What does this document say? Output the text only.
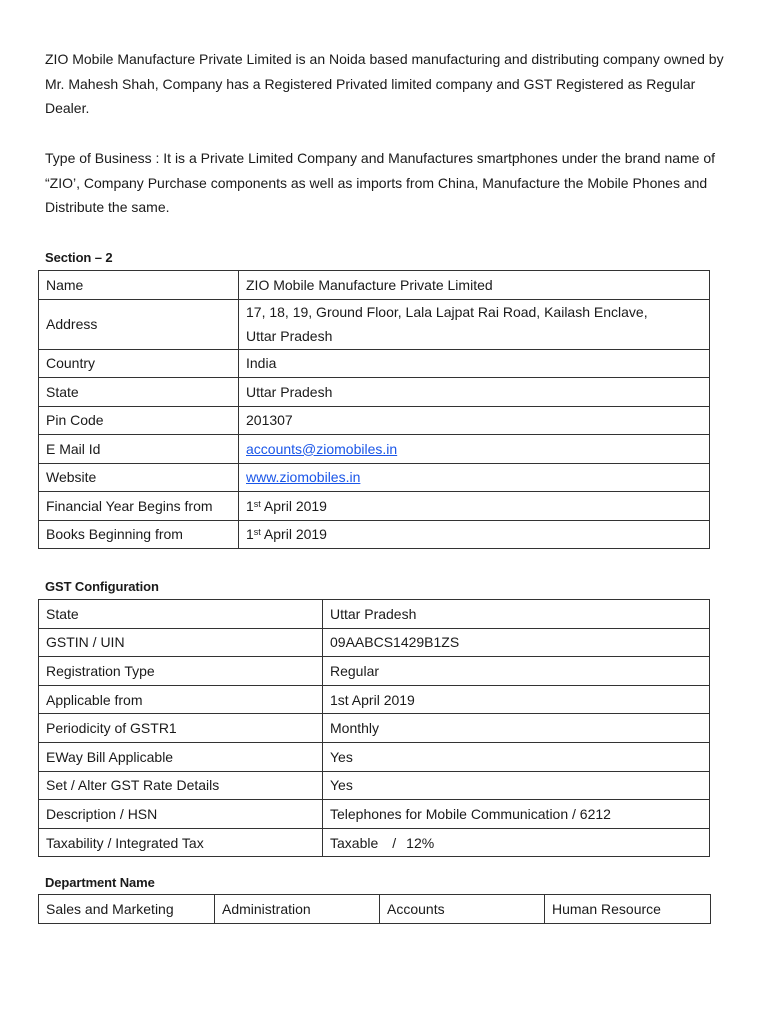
ZIO Mobile Manufacture Private Limited is an Noida based manufacturing and distributing company owned by Mr. Mahesh Shah, Company has a Registered Privated limited company and GST Registered as Regular Dealer.

Type of Business : It is a Private Limited Company and Manufactures smartphones under the brand name of “ZIO’, Company Purchase components as well as imports from China, Manufacture the Mobile Phones and Distribute the same.

Section – 2

Name	ZIO Mobile Manufacture Private Limited
Address	17, 18, 19, Ground Floor, Lala Lajpat Rai Road, Kailash Enclave,
Uttar Pradesh
Country	India
State	Uttar Pradesh
Pin Code	201307
E Mail Id	accounts@ziomobiles.in
Website	www.ziomobiles.in
Financial Year Begins from	1st April 2019
Books Beginning from	1st April 2019

GST Configuration

State	Uttar Pradesh
GSTIN / UIN	09AABCS1429B1ZS
Registration Type	Regular
Applicable from	1st April 2019
Periodicity of GSTR1	Monthly
EWay Bill Applicable	Yes
Set / Alter GST Rate Details	Yes
Description / HSN	Telephones for Mobile Communication / 6212
Taxability / Integrated Tax	Taxable / 12%

Department Name

Sales and Marketing	Administration	Accounts	Human Resource
